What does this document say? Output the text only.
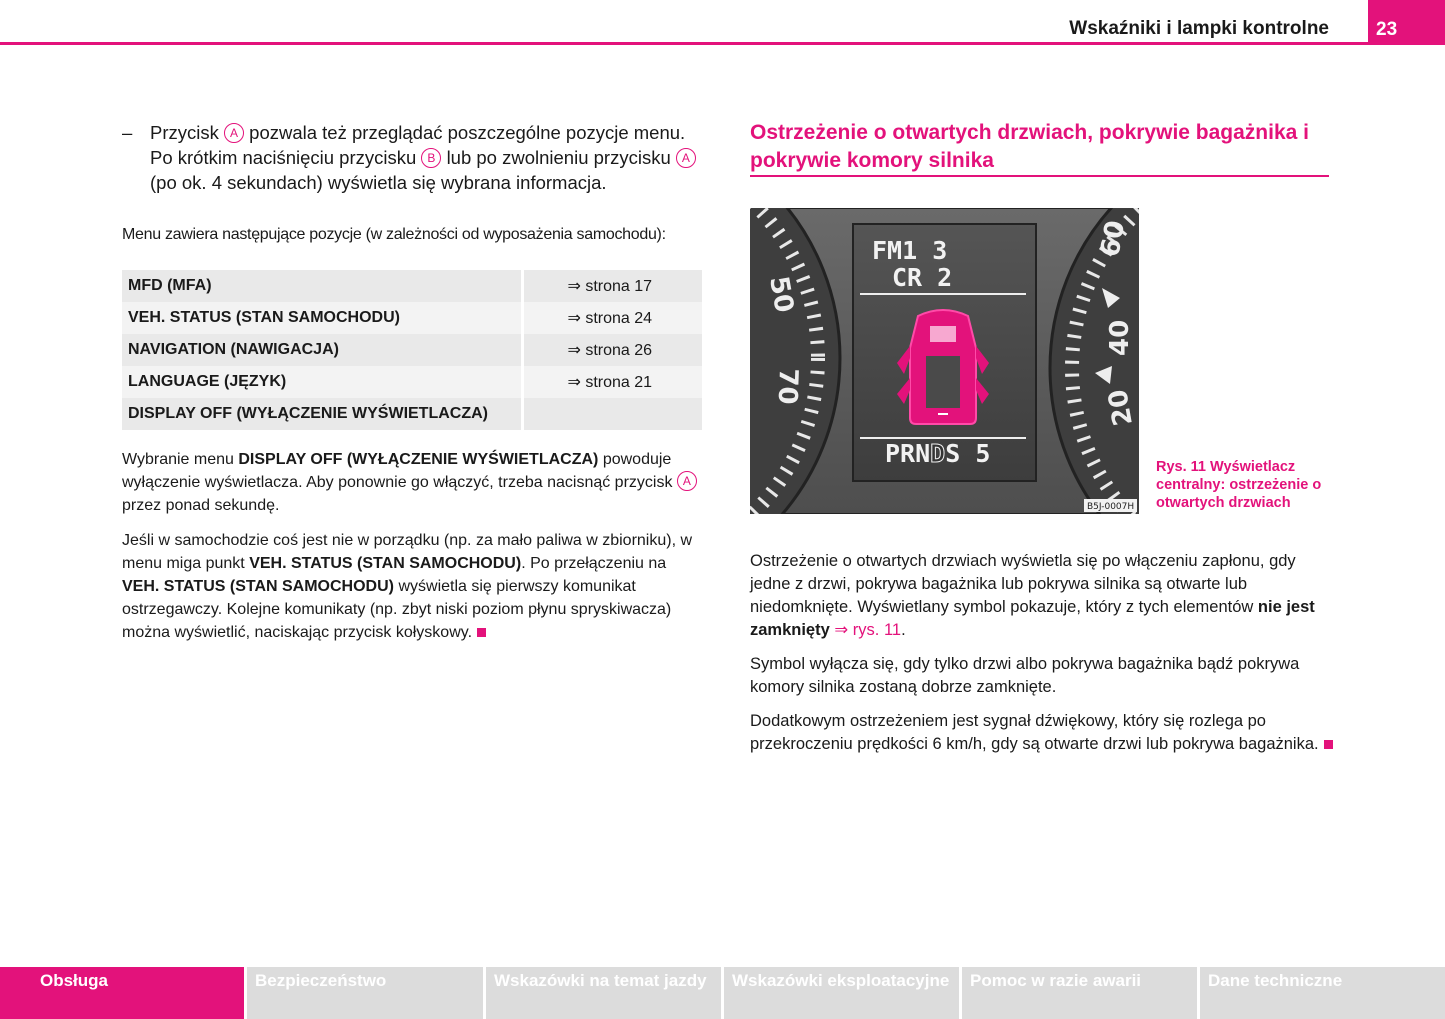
Wskaźniki i lampki kontrolne	23
– Przycisk A pozwala też przeglądać poszczególne pozycje menu. Po krótkim naciśnięciu przycisku B lub po zwolnieniu przycisku A (po ok. 4 sekundach) wyświetla się wybrana informacja.
Menu zawiera następujące pozycje (w zależności od wyposażenia samochodu):
MFD (MFA)	⇒ strona 17
VEH. STATUS (STAN SAMOCHODU)	⇒ strona 24
NAVIGATION (NAWIGACJA)	⇒ strona 26
LANGUAGE (JĘZYK)	⇒ strona 21
DISPLAY OFF (WYŁĄCZENIE WYŚWIETLACZA)	
Wybranie menu DISPLAY OFF (WYŁĄCZENIE WYŚWIETLACZA) powoduje wyłączenie wyświetlacza. Aby ponownie go włączyć, trzeba nacisnąć przycisk A przez ponad sekundę.
Jeśli w samochodzie coś jest nie w porządku (np. za mało paliwa w zbiorniku), w menu miga punkt VEH. STATUS (STAN SAMOCHODU). Po przełączeniu na VEH. STATUS (STAN SAMOCHODU) wyświetla się pierwszy komunikat ostrzegawczy. Kolejne komunikaty (np. zbyt niski poziom płynu spryskiwacza) można wyświetlić, naciskając przycisk kołyskowy.
Ostrzeżenie o otwartych drzwiach, pokrywie bagażnika i pokrywie komory silnika
50
70
60
40
20
FM1 3
CR 2
PRNDS 5
B5J-0007H
Rys. 11 Wyświetlacz centralny: ostrzeżenie o otwartych drzwiach
Ostrzeżenie o otwartych drzwiach wyświetla się po włączeniu zapłonu, gdy jedne z drzwi, pokrywa bagażnika lub pokrywa silnika są otwarte lub niedomknięte. Wyświetlany symbol pokazuje, który z tych elementów nie jest zamknięty ⇒ rys. 11.
Symbol wyłącza się, gdy tylko drzwi albo pokrywa bagażnika bądź pokrywa komory silnika zostaną dobrze zamknięte.
Dodatkowym ostrzeżeniem jest sygnał dźwiękowy, który się rozlega po przekroczeniu prędkości 6 km/h, gdy są otwarte drzwi lub pokrywa bagażnika.
Obsługa	Bezpieczeństwo	Wskazówki na temat jazdy	Wskazówki eksploatacyjne	Pomoc w razie awarii	Dane techniczne
